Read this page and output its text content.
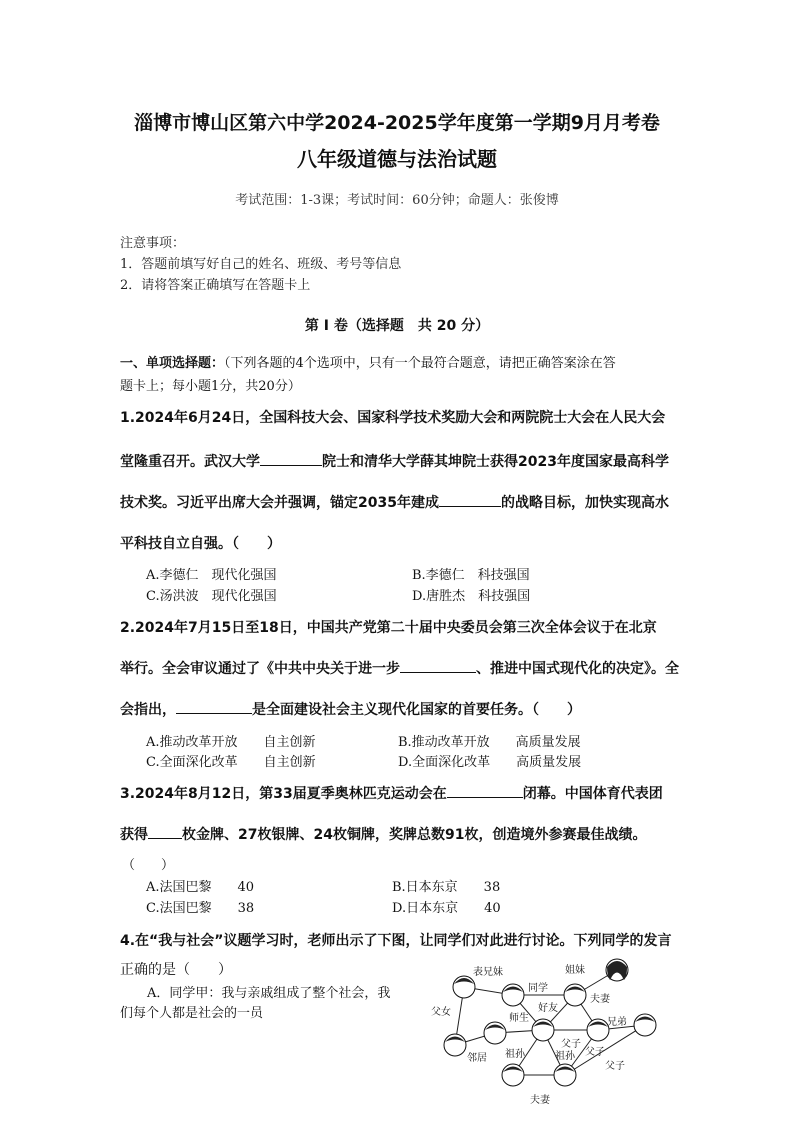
淄博市博山区第六中学2024-2025学年度第一学期9月月考卷
八年级道德与法治试题
考试范围：1-3课；考试时间：60分钟；命题人：张俊博
注意事项：
1．答题前填写好自己的姓名、班级、考号等信息
2．请将答案正确填写在答题卡上
第 I 卷（选择题　共 20 分）
一、单项选择题：（下列各题的4个选项中，只有一个最符合题意，请把正确答案涂在答
题卡上；每小题1分，共20分）
1.2024年6月24日，全国科技大会、国家科学技术奖励大会和两院院士大会在人民大会
堂隆重召开。武汉大学	院士和清华大学薛其坤院士获得2023年度国家最高科学
技术奖。习近平出席大会并强调，锚定2035年建成	的战略目标，加快实现高水
平科技自立自强。（　　）
A.李德仁　现代化强国	B.李德仁　科技强国
C.汤洪波　现代化强国	D.唐胜杰　科技强国
2.2024年7月15日至18日，中国共产党第二十届中央委员会第三次全体会议于在北京
举行。全会审议通过了《中共中央关于进一步	、推进中国式现代化的决定》。全
会指出，	是全面建设社会主义现代化国家的首要任务。（　　）
A.推动改革开放　　自主创新	B.推动改革开放　　高质量发展
C.全面深化改革　　自主创新	D.全面深化改革　　高质量发展
3.2024年8月12日，第33届夏季奥林匹克运动会在	闭幕。中国体育代表团
获得 枚金牌、27枚银牌、24枚铜牌，奖牌总数91枚，创造境外参赛最佳战绩。
（　　）
A.法国巴黎　　40	B.日本东京　　38
C.法国巴黎　　38	D.日本东京　　40
4.在“我与社会”议题学习时，老师出示了下图，让同学们对此进行讨论。下列同学的发言
正确的是（　　）
A．同学甲：我与亲戚组成了整个社会，我
们每个人都是社会的一员
表兄妹	姐妹
同学
夫妻
好友
父女
师生	兄弟
父子
邻居 祖孙	祖孙 父子
父子
夫妻
